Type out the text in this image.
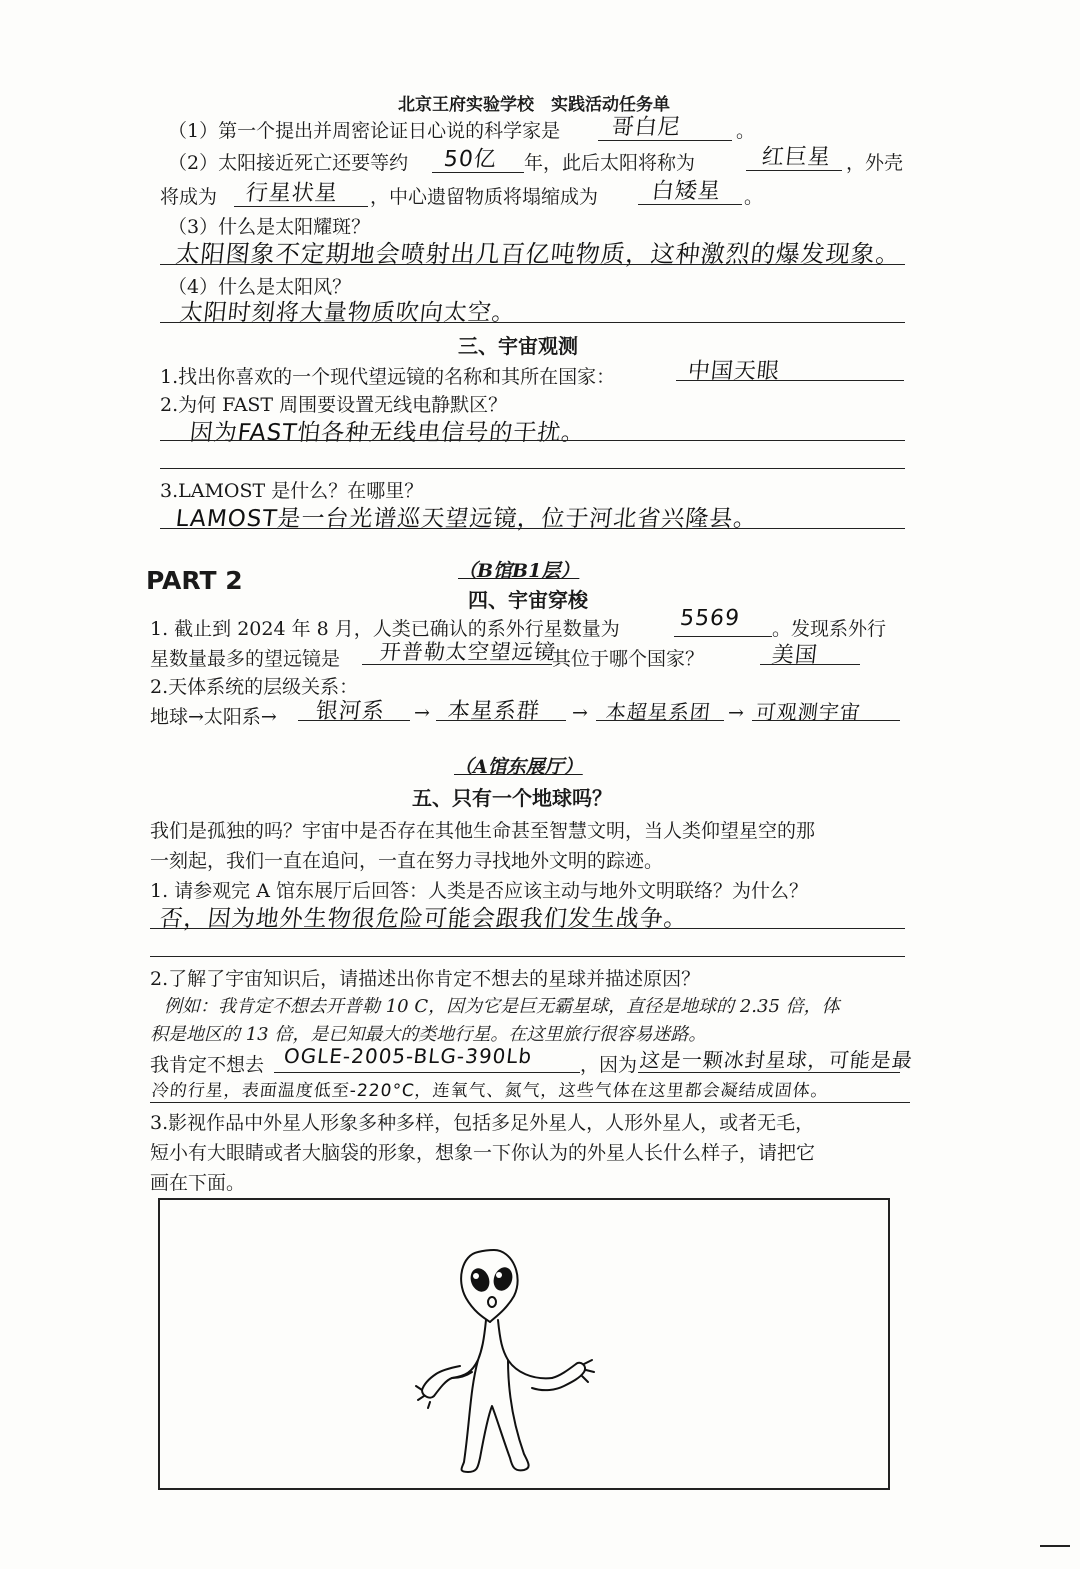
北京王府实验学校　实践活动任务单
（1）第一个提出并周密论证日心说的科学家是 哥白尼	。
（2）太阳接近死亡还要等约 50亿 年，此后太阳将称为	红巨星 ，外壳
将成为 行星状星 ，中心遗留物质将塌缩成为 白矮星 。
（3）什么是太阳耀斑？
太阳图象不定期地会喷射出几百亿吨物质，这种激烈的爆发现象。
（4）什么是太阳风？
太阳时刻将大量物质吹向太空。
三、宇宙观测
1.找出你喜欢的一个现代望远镜的名称和其所在国家：	中国天眼
2.为何 FAST 周围要设置无线电静默区？
因为FAST怕各种无线电信号的干扰。
3.LAMOST 是什么？在哪里？
LAMOST是一台光谱巡天望远镜，位于河北省兴隆县。
PART 2	（B馆B1层）
四、宇宙穿梭
1. 截止到 2024 年 8 月，人类已确认的系外行星数量为	5569 。发现系外行
星数量最多的望远镜是 开普勒太空望远镜
其位于哪个国家？	美国
2.天体系统的层级关系：
地球→太阳系→ 银河系 → 本星系群 → 本超星系团 → 可观测宇宙
（A馆东展厅）
五、只有一个地球吗？
我们是孤独的吗？宇宙中是否存在其他生命甚至智慧文明，当人类仰望星空的那
一刻起，我们一直在追问，一直在努力寻找地外文明的踪迹。
1. 请参观完 A 馆东展厅后回答：人类是否应该主动与地外文明联络？为什么？
否，因为地外生物很危险可能会跟我们发生战争。
2.了解了宇宙知识后，请描述出你肯定不想去的星球并描述原因？
例如：我肯定不想去开普勒 10 C，因为它是巨无霸星球，直径是地球的 2.35 倍，体
积是地区的 13 倍，是已知最大的类地行星。在这里旅行很容易迷路。
我肯定不想去 OGLE-2005-BLG-390Lb ，因为 这是一颗冰封星球，可能是最
冷的行星，表面温度低至-220°C，连氧气、氮气，这些气体在这里都会凝结成固体。
3.影视作品中外星人形象多种多样，包括多足外星人，人形外星人，或者无毛，
短小有大眼睛或者大脑袋的形象，想象一下你认为的外星人长什么样子，请把它
画在下面。
